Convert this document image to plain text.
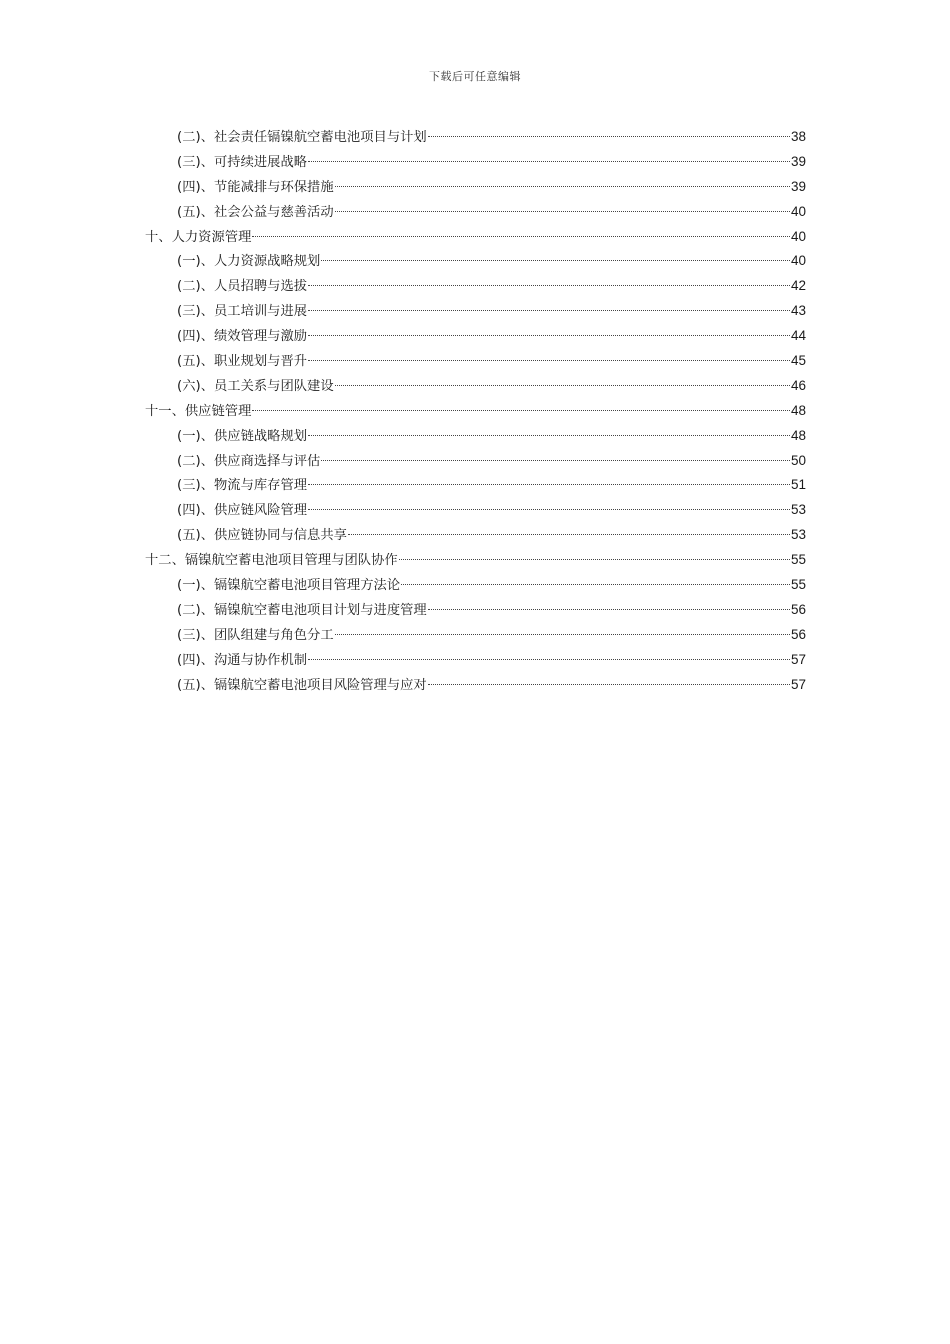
下载后可任意编辑
(二)、社会责任镉镍航空蓄电池项目与计划	38
(三)、可持续进展战略	39
(四)、节能减排与环保措施	39
(五)、社会公益与慈善活动	40
十、人力资源管理	40
(一)、人力资源战略规划	40
(二)、人员招聘与选拔	42
(三)、员工培训与进展	43
(四)、绩效管理与激励	44
(五)、职业规划与晋升	45
(六)、员工关系与团队建设	46
十一、供应链管理	48
(一)、供应链战略规划	48
(二)、供应商选择与评估	50
(三)、物流与库存管理	51
(四)、供应链风险管理	53
(五)、供应链协同与信息共享	53
十二、镉镍航空蓄电池项目管理与团队协作	55
(一)、镉镍航空蓄电池项目管理方法论	55
(二)、镉镍航空蓄电池项目计划与进度管理	56
(三)、团队组建与角色分工	56
(四)、沟通与协作机制	57
(五)、镉镍航空蓄电池项目风险管理与应对	57
